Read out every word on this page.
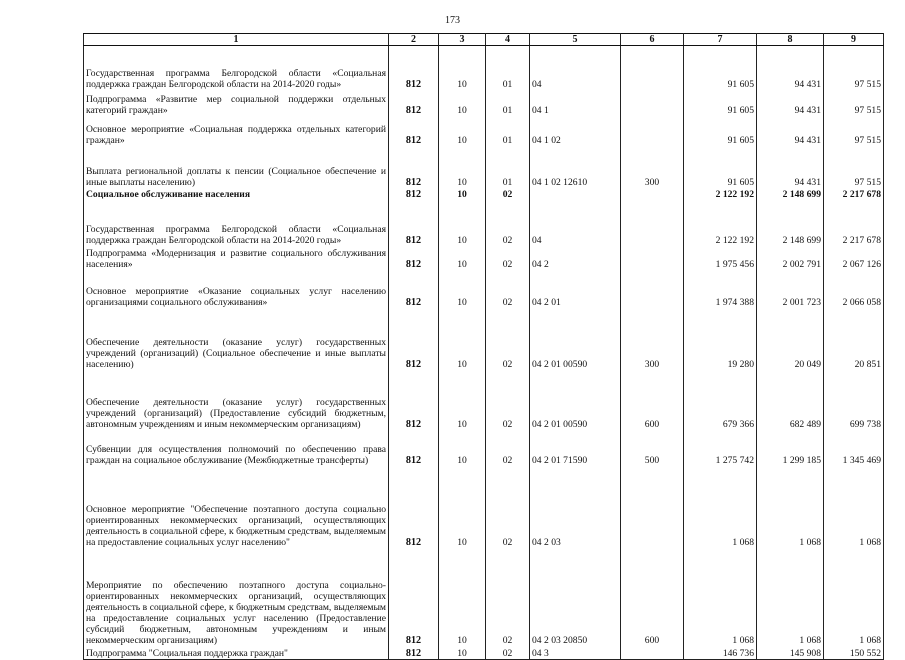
173
1	2	3	4	5	6	7	8	9
Государственная программа Белгородской области «Социальная поддержка граждан Белгородской области на 2014-2020 годы»	812	10	01	04		91 605	94 431	97 515
Подпрограмма «Развитие мер социальной поддержки отдельных категорий граждан»	812	10	01	04 1		91 605	94 431	97 515
Основное мероприятие «Социальная поддержка отдельных категорий граждан»	812	10	01	04 1 02		91 605	94 431	97 515
Выплата региональной доплаты к пенсии (Социальное обеспечение и иные выплаты населению)	812	10	01	04 1 02 12610	300	91 605	94 431	97 515
Социальное обслуживание населения	812	10	02			2 122 192	2 148 699	2 217 678
Государственная программа Белгородской области «Социальная поддержка граждан Белгородской области на 2014-2020 годы»	812	10	02	04		2 122 192	2 148 699	2 217 678
Подпрограмма «Модернизация и развитие социального обслуживания населения»	812	10	02	04 2		1 975 456	2 002 791	2 067 126
Основное мероприятие «Оказание социальных услуг населению организациями социального обслуживания»	812	10	02	04 2 01		1 974 388	2 001 723	2 066 058
Обеспечение деятельности (оказание услуг) государственных учреждений (организаций) (Социальное обеспечение и иные выплаты населению)	812	10	02	04 2 01 00590	300	19 280	20 049	20 851
Обеспечение деятельности (оказание услуг) государственных учреждений (организаций) (Предоставление субсидий бюджетным, автономным учреждениям и иным некоммерческим организациям)	812	10	02	04 2 01 00590	600	679 366	682 489	699 738
Субвенции для осуществления полномочий по обеспечению права граждан на социальное обслуживание (Межбюджетные трансферты)	812	10	02	04 2 01 71590	500	1 275 742	1 299 185	1 345 469
Основное мероприятие "Обеспечение поэтапного доступа социально ориентированных некоммерческих организаций, осуществляющих деятельность в социальной сфере, к бюджетным средствам, выделяемым на предоставление социальных услуг населению"	812	10	02	04 2 03		1 068	1 068	1 068
Мероприятие по обеспечению поэтапного доступа социально-ориентированных некоммерческих организаций, осуществляющих деятельность в социальной сфере, к бюджетным средствам, выделяемым на предоставление социальных услуг населению (Предоставление субсидий бюджетным, автономным учреждениям и иным некоммерческим организациям)	812	10	02	04 2 03 20850	600	1 068	1 068	1 068
Подпрограмма "Социальная поддержка граждан"	812	10	02	04 3		146 736	145 908	150 552
